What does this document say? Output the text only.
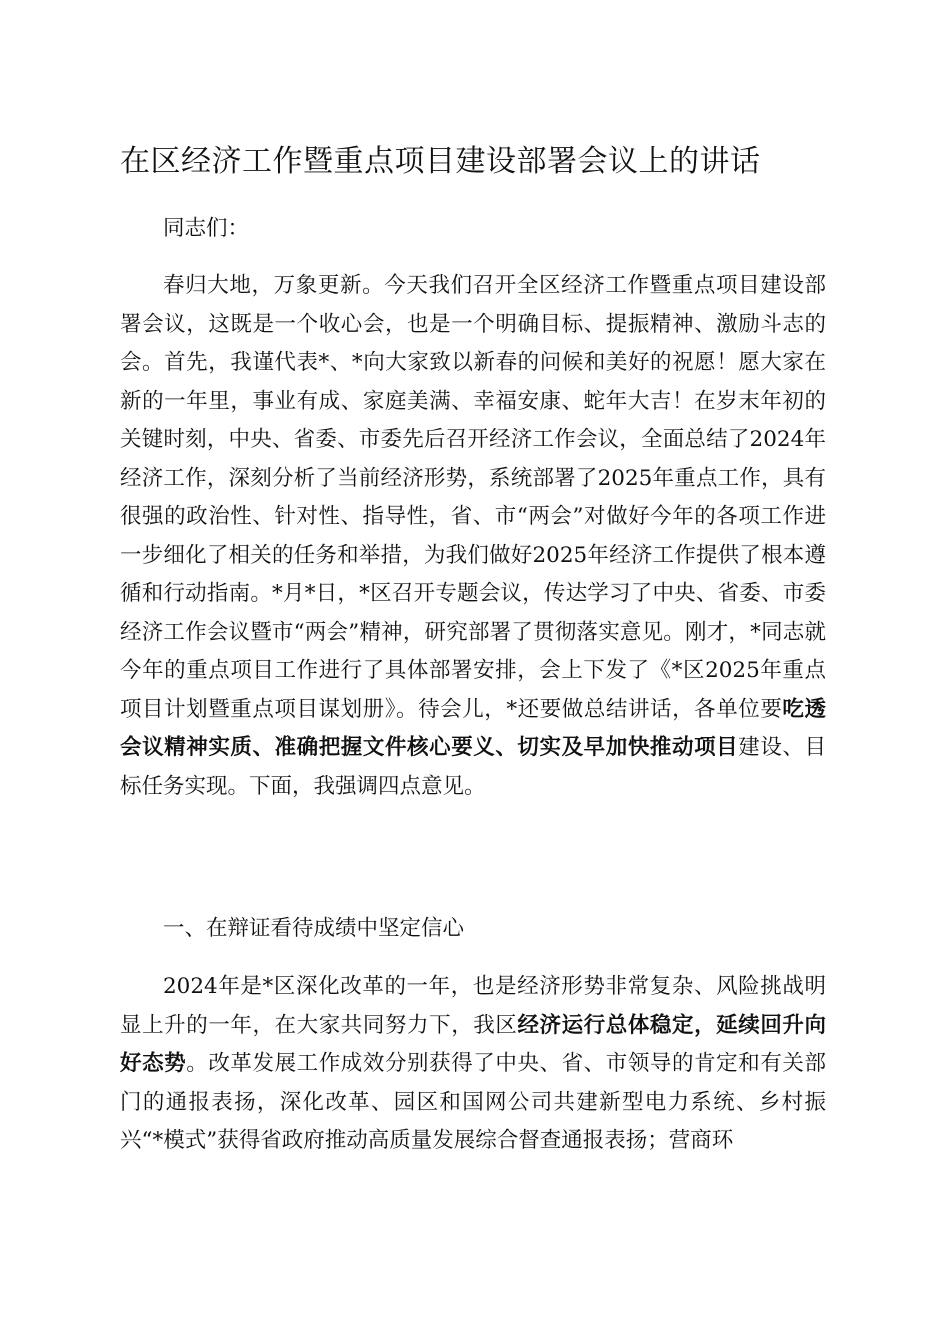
在区经济工作暨重点项目建设部署会议上的讲话

同志们：

春归大地，万象更新。今天我们召开全区经济工作暨重点项目建设部署会议，这既是一个收心会，也是一个明确目标、提振精神、激励斗志的会。首先，我谨代表*、*向大家致以新春的问候和美好的祝愿！愿大家在新的一年里，事业有成、家庭美满、幸福安康、蛇年大吉！在岁末年初的关键时刻，中央、省委、市委先后召开经济工作会议，全面总结了2024年经济工作，深刻分析了当前经济形势，系统部署了2025年重点工作，具有很强的政治性、针对性、指导性，省、市“两会”对做好今年的各项工作进一步细化了相关的任务和举措，为我们做好2025年经济工作提供了根本遵循和行动指南。*月*日，*区召开专题会议，传达学习了中央、省委、市委经济工作会议暨市“两会”精神，研究部署了贯彻落实意见。刚才，*同志就今年的重点项目工作进行了具体部署安排，会上下发了《*区2025年重点项目计划暨重点项目谋划册》。待会儿，*还要做总结讲话，各单位要吃透会议精神实质、准确把握文件核心要义、切实及早加快推动项目建设、目标任务实现。下面，我强调四点意见。

一、在辩证看待成绩中坚定信心

2024年是*区深化改革的一年，也是经济形势非常复杂、风险挑战明显上升的一年，在大家共同努力下，我区经济运行总体稳定，延续回升向好态势。改革发展工作成效分别获得了中央、省、市领导的肯定和有关部门的通报表扬，深化改革、园区和国网公司共建新型电力系统、乡村振兴“*模式”获得省政府推动高质量发展综合督查通报表扬；营商环
